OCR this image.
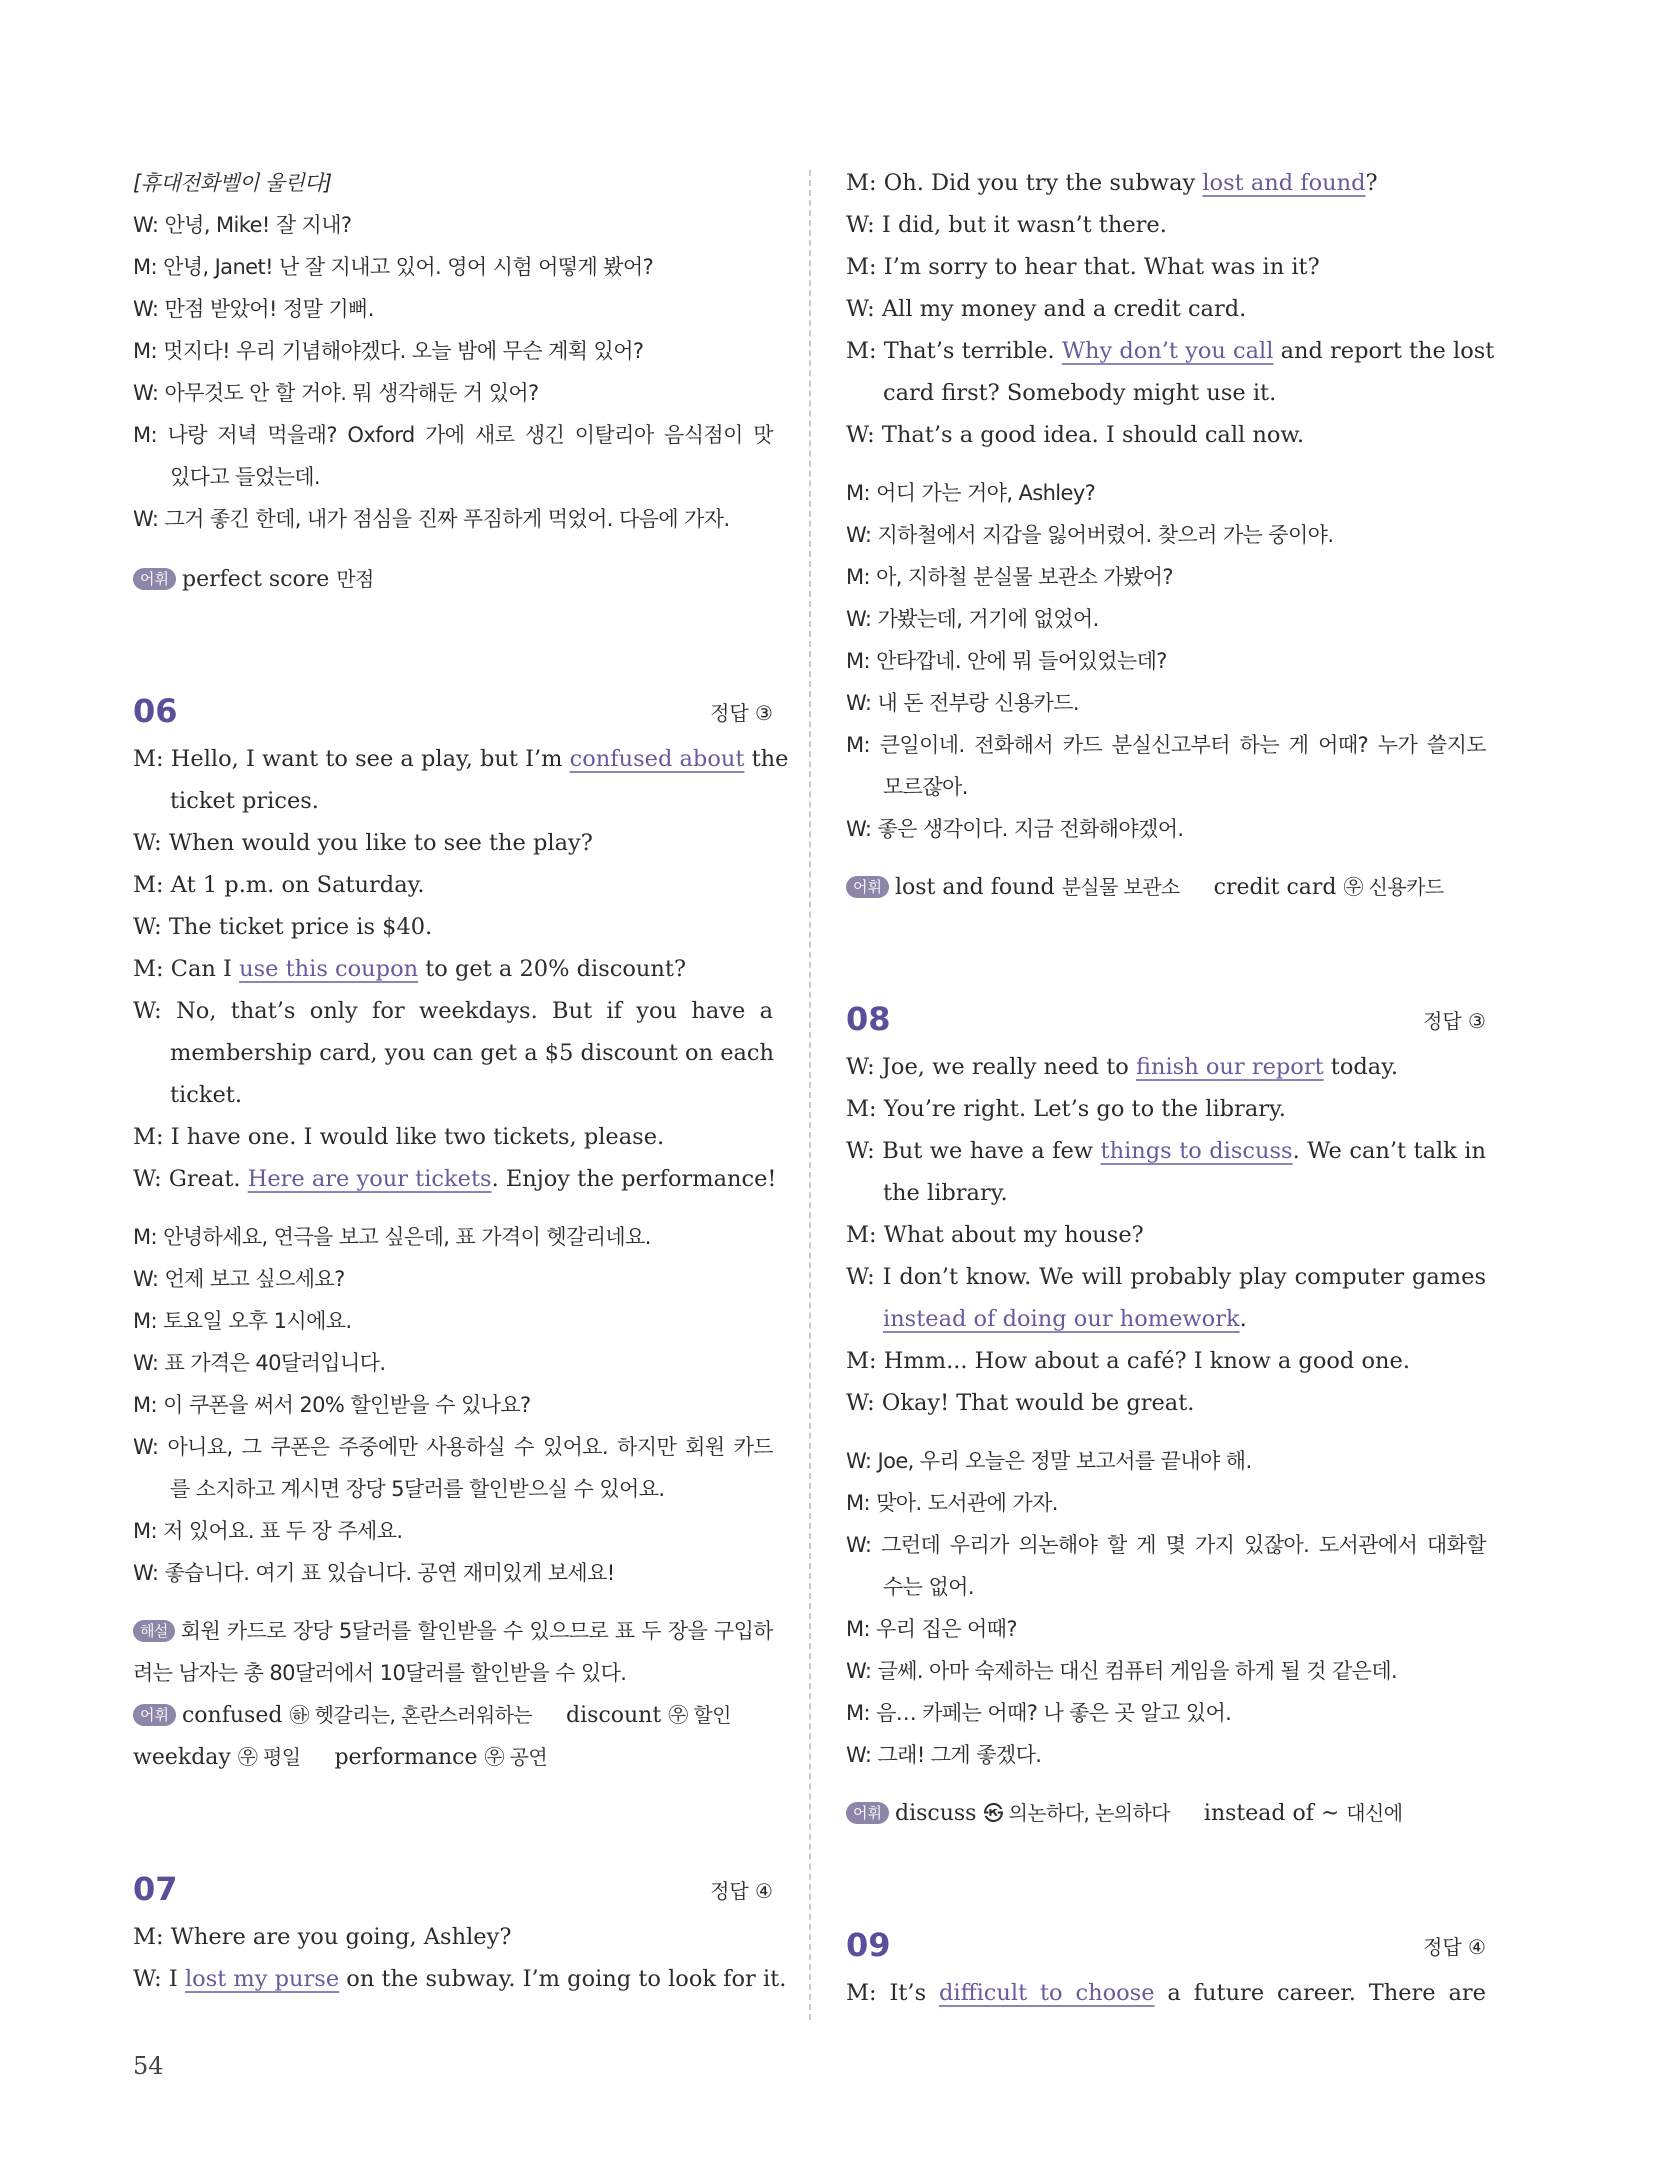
[휴대전화벨이 울린다]
W: 안녕, Mike! 잘 지내?
M: 안녕, Janet! 난 잘 지내고 있어. 영어 시험 어떻게 봤어?
W: 만점 받았어! 정말 기뻐.
M: 멋지다! 우리 기념해야겠다. 오늘 밤에 무슨 계획 있어?
W: 아무것도 안 할 거야. 뭐 생각해둔 거 있어?
M: 나랑 저녁 먹을래? Oxford 가에 새로 생긴 이탈리아 음식점이 맛
있다고 들었는데.
W: 그거 좋긴 한데, 내가 점심을 진짜 푸짐하게 먹었어. 다음에 가자.
어휘 perfect score 만점
06	정답 ③
M: Hello, I want to see a play, but I’m confused about the
ticket prices.
W: When would you like to see the play?
M: At 1 p.m. on Saturday.
W: The ticket price is $40.
M: Can I use this coupon to get a 20% discount?
W: No, that’s only for weekdays. But if you have a
membership card, you can get a $5 discount on each
ticket.
M: I have one. I would like two tickets, please.
W: Great. Here are your tickets. Enjoy the performance!
M: 안녕하세요, 연극을 보고 싶은데, 표 가격이 헷갈리네요.
W: 언제 보고 싶으세요?
M: 토요일 오후 1시에요.
W: 표 가격은 40달러입니다.
M: 이 쿠폰을 써서 20% 할인받을 수 있나요?
W: 아니요, 그 쿠폰은 주중에만 사용하실 수 있어요. 하지만 회원 카드
를 소지하고 계시면 장당 5달러를 할인받으실 수 있어요.
M: 저 있어요. 표 두 장 주세요.
W: 좋습니다. 여기 표 있습니다. 공연 재미있게 보세요!
해설 회원 카드로 장당 5달러를 할인받을 수 있으므로 표 두 장을 구입하
려는 남자는 총 80달러에서 10달러를 할인받을 수 있다.
어휘 confused ㉻ 헷갈리는, 혼란스러워하는 discount ㉾ 할인
weekday ㉾ 평일 performance ㉾ 공연
07	정답 ④
M: Where are you going, Ashley?
W: I lost my purse on the subway. I’m going to look for it.
M: Oh. Did you try the subway lost and found?
W: I did, but it wasn’t there.
M: I’m sorry to hear that. What was in it?
W: All my money and a credit card.
M: That’s terrible. Why don’t you call and report the lost
card first? Somebody might use it.
W: That’s a good idea. I should call now.
M: 어디 가는 거야, Ashley?
W: 지하철에서 지갑을 잃어버렸어. 찾으러 가는 중이야.
M: 아, 지하철 분실물 보관소 가봤어?
W: 가봤는데, 거기에 없었어.
M: 안타깝네. 안에 뭐 들어있었는데?
W: 내 돈 전부랑 신용카드.
M: 큰일이네. 전화해서 카드 분실신고부터 하는 게 어때? 누가 쓸지도
모르잖아.
W: 좋은 생각이다. 지금 전화해야겠어.
어휘 lost and found 분실물 보관소 credit card ㉾ 신용카드
08	정답 ③
W: Joe, we really need to finish our report today.
M: You’re right. Let’s go to the library.
W: But we have a few things to discuss. We can’t talk in
the library.
M: What about my house?
W: I don’t know. We will probably play computer games
instead of doing our homework.
M: Hmm... How about a café? I know a good one.
W: Okay! That would be great.
W: Joe, 우리 오늘은 정말 보고서를 끝내야 해.
M: 맞아. 도서관에 가자.
W: 그런데 우리가 의논해야 할 게 몇 가지 있잖아. 도서관에서 대화할
수는 없어.
M: 우리 집은 어때?
W: 글쎄. 아마 숙제하는 대신 컴퓨터 게임을 하게 될 것 같은데.
M: 음… 카페는 어때? 나 좋은 곳 알고 있어.
W: 그래! 그게 좋겠다.
어휘 discuss ㉿ 의논하다, 논의하다 instead of ~ 대신에
09	정답 ④
M: It’s difficult to choose a future career. There are
54
